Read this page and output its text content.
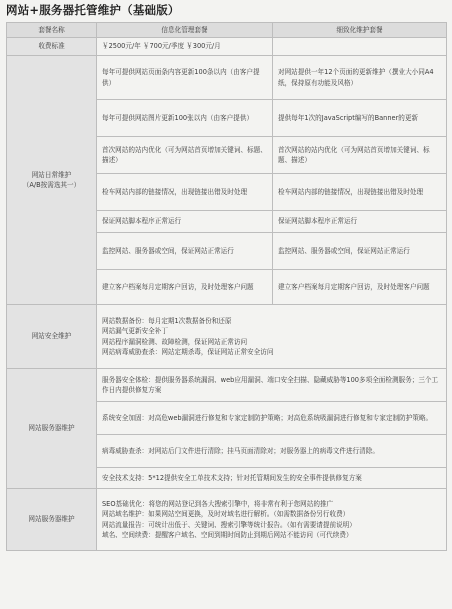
网站+服务器托管维护（基础版）
套餐名称	信息化管理套餐	细致化维护套餐
收费标准	￥2500元/年 ￥700元/季度 ￥300元/月	

网站日常维护
（A/B按需选其一）	每年可提供网站页面条内容更新100条以内（由客户提供）	对网站提供一年12个页面的更新维护（撰业大小同A4纸，保持原有功能及风格）
	每年可提供网站图片更新100张以内（由客户提供）	提供每年1次的JavaScript编写的Banner的更新
	首次网站的站内优化（可为网站首页增加关键词、标题、描述）	首次网站的站内优化（可为网站首页增加关键词、标题、描述）
	检车网站内部的链接情况，出现链接出错及时处理	检车网站内部的链接情况，出现链接出错及时处理
	保证网站脚本程序正常运行	保证网站脚本程序正常运行
	监控网站、服务器或空间，保证网站正常运行	监控网站、服务器或空间，保证网站正常运行
	建立客户档案每月定期客户回访，及时处理客户问题	建立客户档案每月定期客户回访，及时处理客户问题
网站安全维护	网站数据备份：每月定期1次数据备份和还原
网站漏气更新安全补丁
网站程序漏洞检测、故障检测，保证网站正常访问
网站病毒威胁查杀：网站定期杀毒，保证网站正常安全访问	

网站服务器维护	服务器安全体检：提供服务器系统漏洞、web应用漏洞、端口安全扫描、隐藏威胁等100多项全面检测服务；三个工作日内提供修复方案	
	系统安全加固：对高危web漏洞进行修复和专家定制防护策略；对高危系统吸漏洞进行修复和专家定制防护策略。	
	病毒威胁查杀：对网站后门文件进行清除；挂马页面清除对；对服务器上的病毒文件进行清除。	
	安全技术支持：5*12提供安全工单技术支持；针对托管期间发生的安全事件提供修复方案	
网站服务器维护	SEO基础优化：将您的网站登记到各大搜索引擎中，将非常有利于您网站的推广
网站域名维护：如果网站空间更换，及时对域名进行解析。（如需数据备份另行收费）
网站流量报告：可统计出低于、关键词、搜索引擎等统计报告。（如有需要请提前说明）
域名、空间续费：提醒客户域名、空间到期时间防止到期后网站不能访问（可代续费）	
